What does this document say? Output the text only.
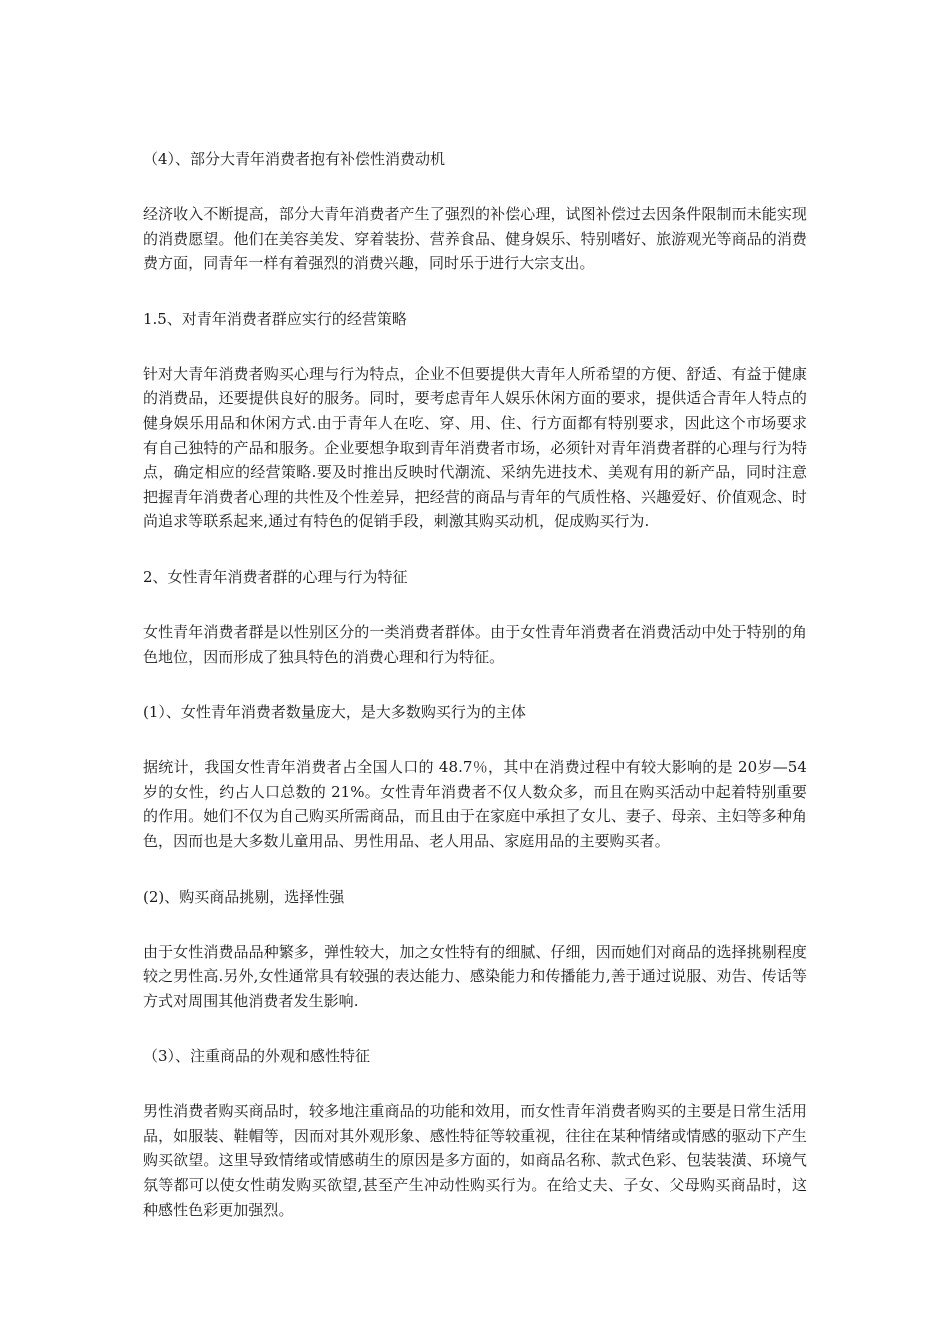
（4）、部分大青年消费者抱有补偿性消费动机
经济收入不断提高，部分大青年消费者产生了强烈的补偿心理，试图补偿过去因条件限制而未能实现的消费愿望。他们在美容美发、穿着装扮、营养食品、健身娱乐、特别嗜好、旅游观光等商品的消费费方面，同青年一样有着强烈的消费兴趣，同时乐于进行大宗支出。
1.5、对青年消费者群应实行的经营策略
针对大青年消费者购买心理与行为特点，企业不但要提供大青年人所希望的方便、舒适、有益于健康的消费品，还要提供良好的服务。同时，要考虑青年人娱乐休闲方面的要求，提供适合青年人特点的健身娱乐用品和休闲方式.由于青年人在吃、穿、用、住、行方面都有特别要求，因此这个市场要求有自己独特的产品和服务。企业要想争取到青年消费者市场，必须针对青年消费者群的心理与行为特点，确定相应的经营策略.要及时推出反映时代潮流、采纳先进技术、美观有用的新产品，同时注意把握青年消费者心理的共性及个性差异，把经营的商品与青年的气质性格、兴趣爱好、价值观念、时尚追求等联系起来,通过有特色的促销手段，刺激其购买动机，促成购买行为.
2、女性青年消费者群的心理与行为特征
女性青年消费者群是以性别区分的一类消费者群体。由于女性青年消费者在消费活动中处于特别的角色地位，因而形成了独具特色的消费心理和行为特征。
(1）、女性青年消费者数量庞大，是大多数购买行为的主体
据统计，我国女性青年消费者占全国人口的 48.7％，其中在消费过程中有较大影响的是 20岁—54 岁的女性，约占人口总数的 21%。女性青年消费者不仅人数众多，而且在购买活动中起着特别重要的作用。她们不仅为自己购买所需商品，而且由于在家庭中承担了女儿、妻子、母亲、主妇等多种角色，因而也是大多数儿童用品、男性用品、老人用品、家庭用品的主要购买者。
(2)、购买商品挑剔，选择性强
由于女性消费品品种繁多，弹性较大，加之女性特有的细腻、仔细，因而她们对商品的选择挑剔程度较之男性高.另外,女性通常具有较强的表达能力、感染能力和传播能力,善于通过说服、劝告、传话等方式对周围其他消费者发生影响.
（3）、注重商品的外观和感性特征
男性消费者购买商品时，较多地注重商品的功能和效用，而女性青年消费者购买的主要是日常生活用品，如服装、鞋帽等，因而对其外观形象、感性特征等较重视，往往在某种情绪或情感的驱动下产生购买欲望。这里导致情绪或情感萌生的原因是多方面的，如商品名称、款式色彩、包装装潢、环境气氛等都可以使女性萌发购买欲望,甚至产生冲动性购买行为。在给丈夫、子女、父母购买商品时，这种感性色彩更加强烈。
